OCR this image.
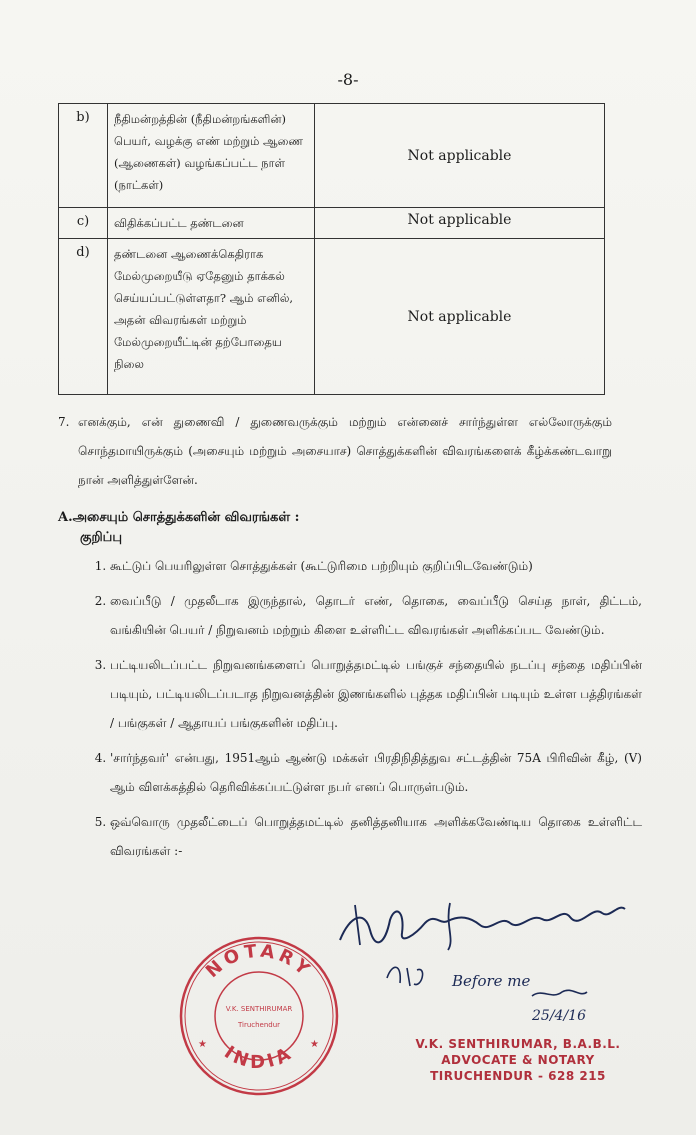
-8-
b)	நீதிமன்றத்தின் (நீதிமன்றங்களின்) பெயர், வழக்கு எண் மற்றும் ஆணை (ஆணைகள்) வழங்கப்பட்ட நாள் (நாட்கள்)	Not applicable
c)	விதிக்கப்பட்ட தண்டனை	Not applicable
d)	தண்டனை ஆணைக்கெதிராக மேல்முறையீடு ஏதேனும் தாக்கல் செய்யப்பட்டுள்ளதா? ஆம் எனில், அதன் விவரங்கள் மற்றும் மேல்முறையீட்டின் தற்போதைய நிலை	Not applicable
7. எனக்கும், என் துணைவி / துணைவருக்கும் மற்றும் என்னைச் சார்ந்துள்ள எல்லோருக்கும் சொந்தமாயிருக்கும் (அசையும் மற்றும் அசையாச) சொத்துக்களின் விவரங்களைக் கீழ்க்கண்டவாறு நான் அளித்துள்ளேன்.
A.அசையும் சொத்துக்களின் விவரங்கள் :
குறிப்பு
1. கூட்டுப் பெயரிலுள்ள சொத்துக்கள் (கூட்டுரிமை பற்றியும் குறிப்பிடவேண்டும்)
2. வைப்பீடு / முதலீடாக இருந்தால், தொடர் எண், தொகை, வைப்பீடு செய்த நாள், திட்டம், வங்கியின் பெயர் / நிறுவனம் மற்றும் கிளை உள்ளிட்ட விவரங்கள் அளிக்கப்பட வேண்டும்.
3. பட்டியலிடப்பட்ட நிறுவனங்களைப் பொறுத்தமட்டில் பங்குச் சந்தையில் நடப்பு சந்தை மதிப்பின் படியும், பட்டியலிடப்படாத நிறுவனத்தின் இணங்களில் புத்தக மதிப்பின் படியும் உள்ள பத்திரங்கள் / பங்குகள் / ஆதாயப் பங்குகளின் மதிப்பு.
4. 'சார்ந்தவர்' என்பது, 1951ஆம் ஆண்டு மக்கள் பிரதிநிதித்துவ சட்டத்தின் 75A பிரிவின் கீழ், (V) ஆம் விளக்கத்தில் தெரிவிக்கப்பட்டுள்ள நபர் எனப் பொருள்படும்.
5. ஒவ்வொரு முதலீட்டைப் பொறுத்தமட்டில் தனித்தனியாக அளிக்கவேண்டிய தொகை உள்ளிட்ட விவரங்கள் :-
Before me
25/4/16
NOTARY
INDIA
V.K. SENTHIRUMAR
Tiruchendur
★	★	V.K. SENTHIRUMAR, B.A.B.L.
ADVOCATE & NOTARY
TIRUCHENDUR - 628 215
